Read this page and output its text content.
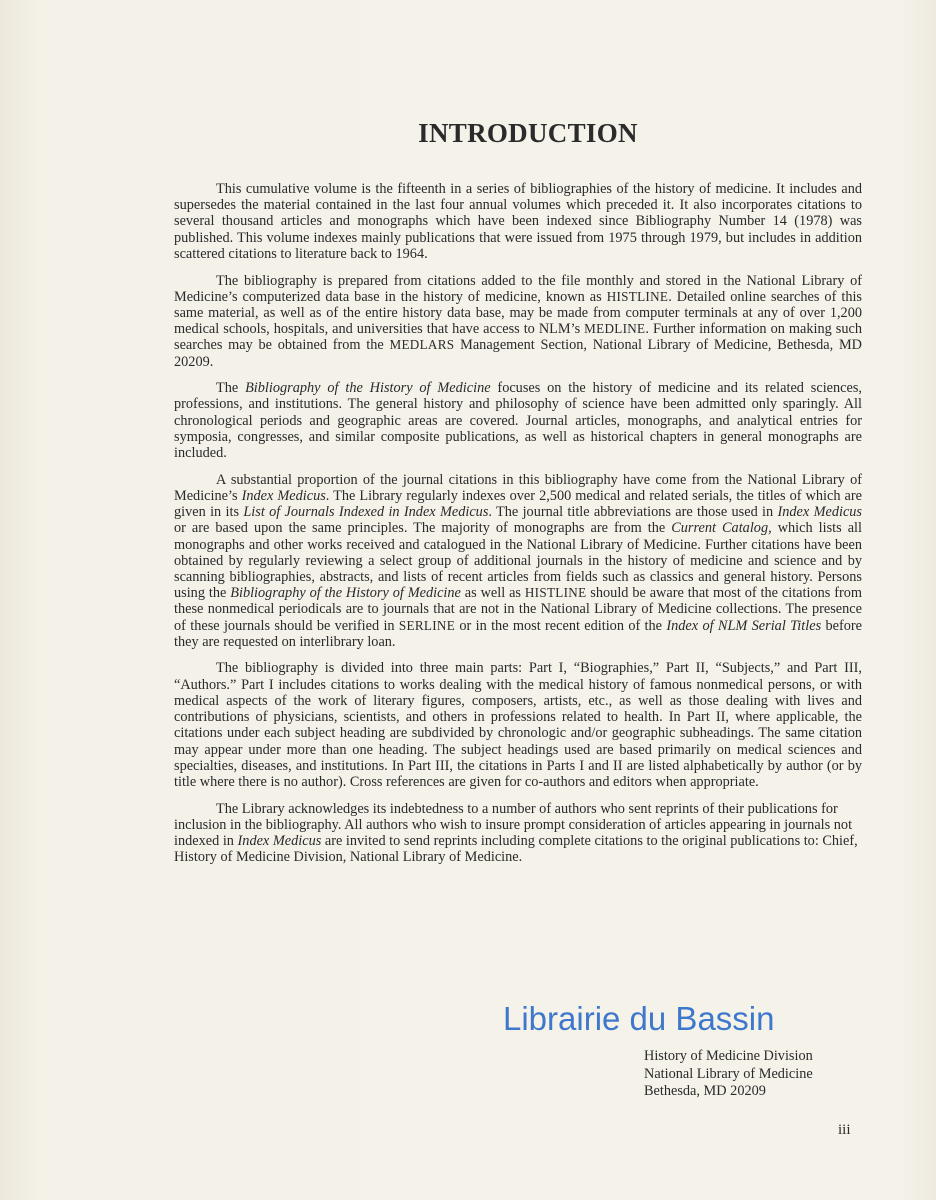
INTRODUCTION

This cumulative volume is the fifteenth in a series of bibliographies of the history of medicine. It includes and supersedes the material contained in the last four annual volumes which preceded it. It also incorporates citations to several thousand articles and monographs which have been indexed since Bibliography Number 14 (1978) was published. This volume indexes mainly publications that were issued from 1975 through 1979, but includes in addition scattered citations to literature back to 1964.

The bibliography is prepared from citations added to the file monthly and stored in the National Library of Medicine’s computerized data base in the history of medicine, known as HISTLINE. Detailed online searches of this same material, as well as of the entire history data base, may be made from computer terminals at any of over 1,200 medical schools, hospitals, and universities that have access to NLM’s MEDLINE. Further information on making such searches may be obtained from the MEDLARS Management Section, National Library of Medicine, Bethesda, MD 20209.

The Bibliography of the History of Medicine focuses on the history of medicine and its related sciences, professions, and institutions. The general history and philosophy of science have been admitted only sparingly. All chronological periods and geographic areas are covered. Journal articles, monographs, and analytical entries for symposia, congresses, and similar composite publications, as well as historical chapters in general monographs are included.

A substantial proportion of the journal citations in this bibliography have come from the National Library of Medicine’s Index Medicus. The Library regularly indexes over 2,500 medical and related serials, the titles of which are given in its List of Journals Indexed in Index Medicus. The journal title abbreviations are those used in Index Medicus or are based upon the same principles. The majority of monographs are from the Current Catalog, which lists all monographs and other works received and catalogued in the National Library of Medicine. Further citations have been obtained by regularly reviewing a select group of additional journals in the history of medicine and science and by scanning bibliographies, abstracts, and lists of recent articles from fields such as classics and general history. Persons using the Bibliography of the History of Medicine as well as HISTLINE should be aware that most of the citations from these nonmedical periodicals are to journals that are not in the National Library of Medicine collections. The presence of these journals should be verified in SERLINE or in the most recent edition of the Index of NLM Serial Titles before they are requested on interlibrary loan.

The bibliography is divided into three main parts: Part I, “Biographies,” Part II, “Subjects,” and Part III, “Authors.” Part I includes citations to works dealing with the medical history of famous nonmedical persons, or with medical aspects of the work of literary figures, composers, artists, etc., as well as those dealing with lives and contributions of physicians, scientists, and others in professions related to health. In Part II, where applicable, the citations under each subject heading are subdivided by chronologic and/or geographic subheadings. The same citation may appear under more than one heading. The subject headings used are based primarily on medical sciences and specialties, diseases, and institutions. In Part III, the citations in Parts I and II are listed alphabetically by author (or by title where there is no author). Cross references are given for co-authors and editors when appropriate.

The Library acknowledges its indebtedness to a number of authors who sent reprints of their publications for inclusion in the bibliography. All authors who wish to insure prompt consideration of articles appearing in journals not indexed in Index Medicus are invited to send reprints including complete citations to the original publications to: Chief, History of Medicine Division, National Library of Medicine.

History of Medicine Division
National Library of Medicine
Bethesda, MD 20209
iii
Librairie du Bassin
